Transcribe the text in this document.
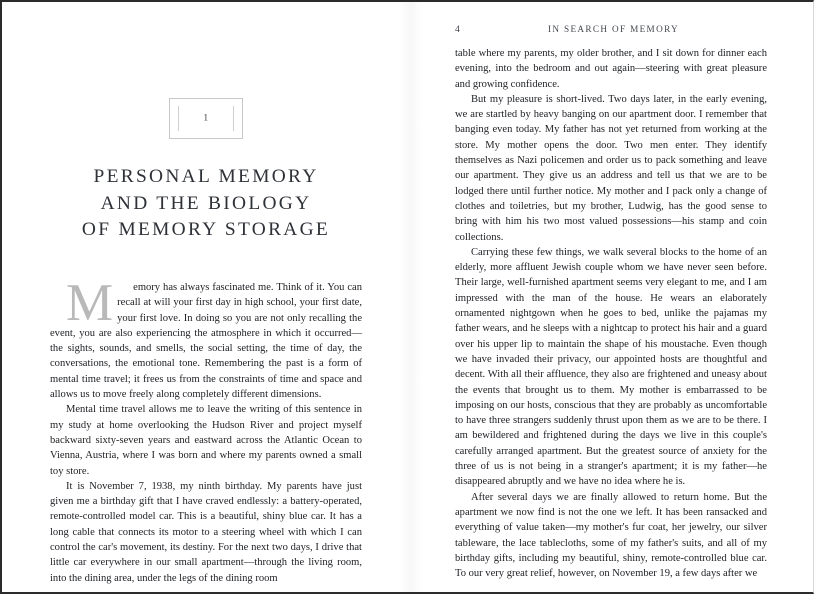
1
PERSONAL MEMORY
AND THE BIOLOGY
OF MEMORY STORAGE

M emory has always fascinated me. Think of it. You can recall at will your first day in high school, your first date, your first love. In doing so you are not only recalling the event, you are also experiencing the atmosphere in which it occurred—the sights, sounds, and smells, the social setting, the time of day, the conversations, the emotional tone. Remembering the past is a form of mental time travel; it frees us from the constraints of time and space and allows us to move freely along completely different dimensions.

Mental time travel allows me to leave the writing of this sentence in my study at home overlooking the Hudson River and project myself backward sixty-seven years and eastward across the Atlantic Ocean to Vienna, Austria, where I was born and where my parents owned a small toy store.

It is November 7, 1938, my ninth birthday. My parents have just given me a birthday gift that I have craved endlessly: a battery-operated, remote-controlled model car. This is a beautiful, shiny blue car. It has a long cable that connects its motor to a steering wheel with which I can control the car's movement, its destiny. For the next two days, I drive that little car everywhere in our small apartment—through the living room, into the dining area, under the legs of the dining room

4	IN SEARCH OF MEMORY

table where my parents, my older brother, and I sit down for dinner each evening, into the bedroom and out again—steering with great pleasure and growing confidence.

But my pleasure is short-lived. Two days later, in the early evening, we are startled by heavy banging on our apartment door. I remember that banging even today. My father has not yet returned from working at the store. My mother opens the door. Two men enter. They identify themselves as Nazi policemen and order us to pack something and leave our apartment. They give us an address and tell us that we are to be lodged there until further notice. My mother and I pack only a change of clothes and toiletries, but my brother, Ludwig, has the good sense to bring with him his two most valued possessions—his stamp and coin collections.

Carrying these few things, we walk several blocks to the home of an elderly, more affluent Jewish couple whom we have never seen before. Their large, well-furnished apartment seems very elegant to me, and I am impressed with the man of the house. He wears an elaborately ornamented nightgown when he goes to bed, unlike the pajamas my father wears, and he sleeps with a nightcap to protect his hair and a guard over his upper lip to maintain the shape of his moustache. Even though we have invaded their privacy, our appointed hosts are thoughtful and decent. With all their affluence, they also are frightened and uneasy about the events that brought us to them. My mother is embarrassed to be imposing on our hosts, conscious that they are probably as uncomfortable to have three strangers suddenly thrust upon them as we are to be there. I am bewildered and frightened during the days we live in this couple's carefully arranged apartment. But the greatest source of anxiety for the three of us is not being in a stranger's apartment; it is my father—he disappeared abruptly and we have no idea where he is.

After several days we are finally allowed to return home. But the apartment we now find is not the one we left. It has been ransacked and everything of value taken—my mother's fur coat, her jewelry, our silver tableware, the lace tablecloths, some of my father's suits, and all of my birthday gifts, including my beautiful, shiny, remote-controlled blue car. To our very great relief, however, on November 19, a few days after we
